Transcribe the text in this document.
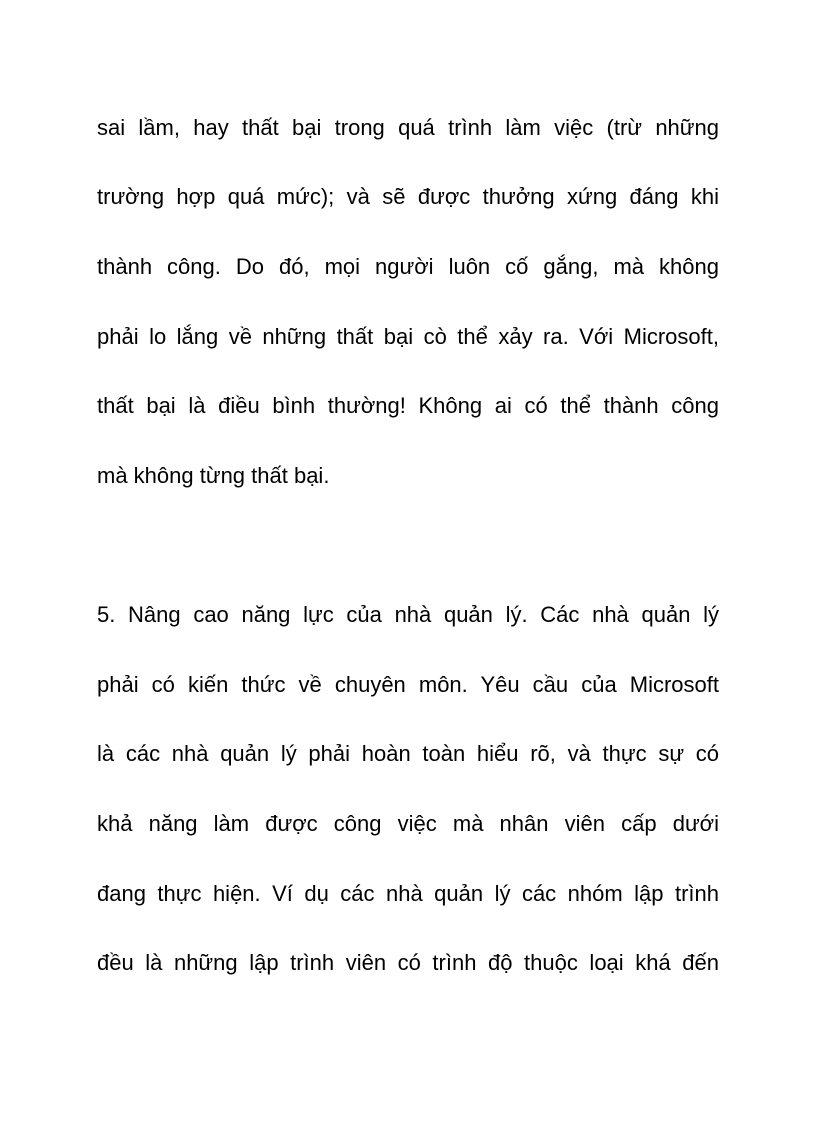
sai lầm, hay thất bại trong quá trình làm việc (trừ những
trường hợp quá mức); và sẽ được thưởng xứng đáng khi
thành công. Do đó, mọi người luôn cố gắng, mà không
phải lo lắng về những thất bại cò thể xảy ra. Với Microsoft,
thất bại là điều bình thường! Không ai có thể thành công
mà không từng thất bại.
5. Nâng cao năng lực của nhà quản lý. Các nhà quản lý
phải có kiến thức về chuyên môn. Yêu cầu của Microsoft
là các nhà quản lý phải hoàn toàn hiểu rõ, và thực sự có
khả năng làm được công việc mà nhân viên cấp dưới
đang thực hiện. Ví dụ các nhà quản lý các nhóm lập trình
đều là những lập trình viên có trình độ thuộc loại khá đến
